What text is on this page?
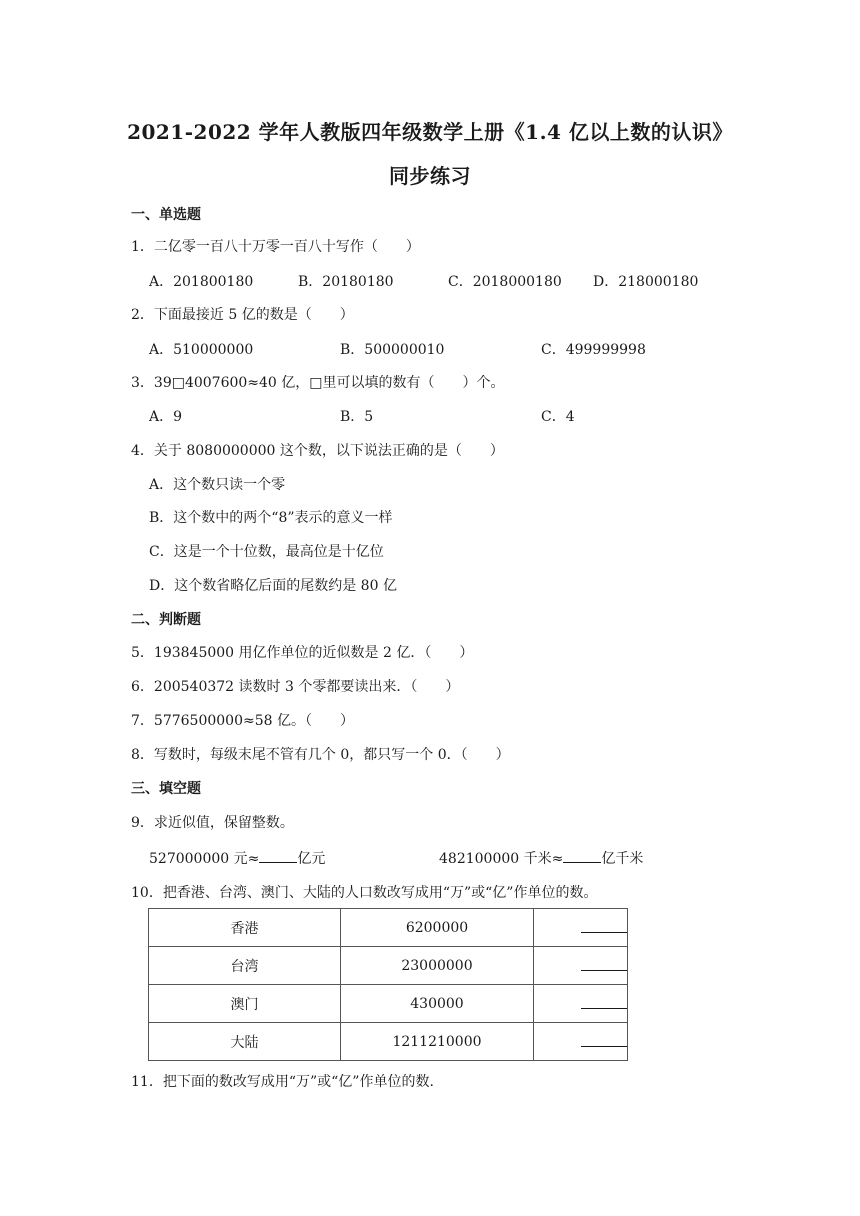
2021-2022 学年人教版四年级数学上册《1.4 亿以上数的认识》
同步练习
一、单选题
1．二亿零一百八十万零一百八十写作（　　）
A．201800180	B．20180180	C．2018000180 D．218000180
2．下面最接近 5 亿的数是（　　）
A．510000000	B．500000010	C．499999998
3．39□4007600≈40 亿，□里可以填的数有（　　）个。
A．9	B．5	C．4
4．关于 8080000000 这个数，以下说法正确的是（　　）
A．这个数只读一个零
B．这个数中的两个“8”表示的意义一样
C．这是一个十位数，最高位是十亿位
D．这个数省略亿后面的尾数约是 80 亿
二、判断题
5．193845000 用亿作单位的近似数是 2 亿．（　　）
6．200540372 读数时 3 个零都要读出来．（　　）
7．5776500000≈58 亿。（　　）
8．写数时，每级末尾不管有几个 0，都只写一个 0．（　　）
三、填空题
9．求近似值，保留整数。
527000000 元≈	亿元	482100000 千米≈	亿千米
10．把香港、台湾、澳门、大陆的人口数改写成用“万”或“亿”作单位的数。
香港	6200000	
台湾	23000000	
澳门	430000	
大陆	1211210000	
11．把下面的数改写成用“万”或“亿”作单位的数.
